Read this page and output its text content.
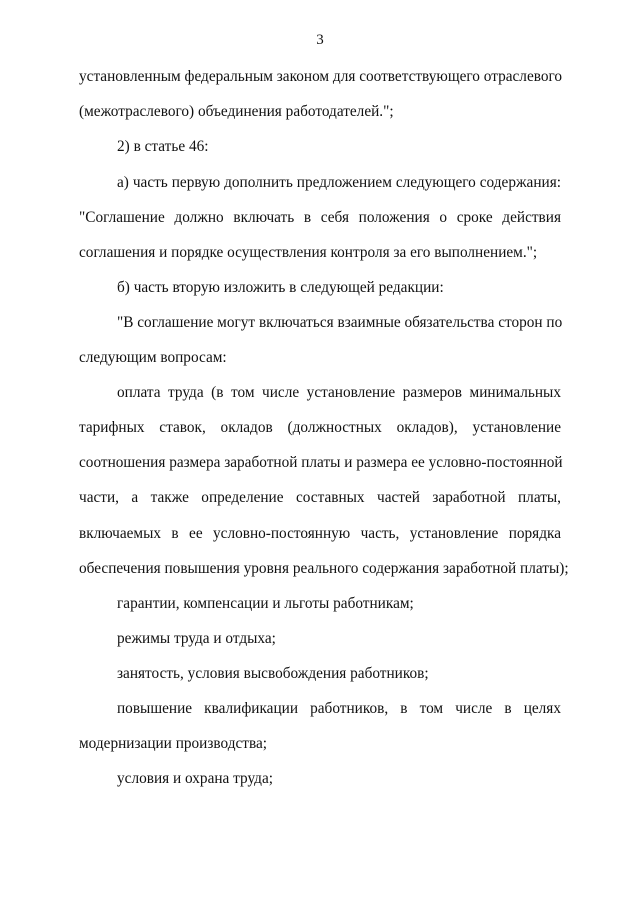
3
установленным федеральным законом для соответствующего отраслевого
(межотраслевого) объединения работодателей.";
2) в статье 46:
а) часть первую дополнить предложением следующего содержания:
"Соглашение должно включать в себя положения о сроке действия
соглашения и порядке осуществления контроля за его выполнением.";
б) часть вторую изложить в следующей редакции:
"В соглашение могут включаться взаимные обязательства сторон по
следующим вопросам:
оплата труда (в том числе установление размеров минимальных
тарифных ставок, окладов (должностных окладов), установление
соотношения размера заработной платы и размера ее условно-постоянной
части, а также определение составных частей заработной платы,
включаемых в ее условно-постоянную часть, установление порядка
обеспечения повышения уровня реального содержания заработной платы);
гарантии, компенсации и льготы работникам;
режимы труда и отдыха;
занятость, условия высвобождения работников;
повышение квалификации работников, в том числе в целях
модернизации производства;
условия и охрана труда;
